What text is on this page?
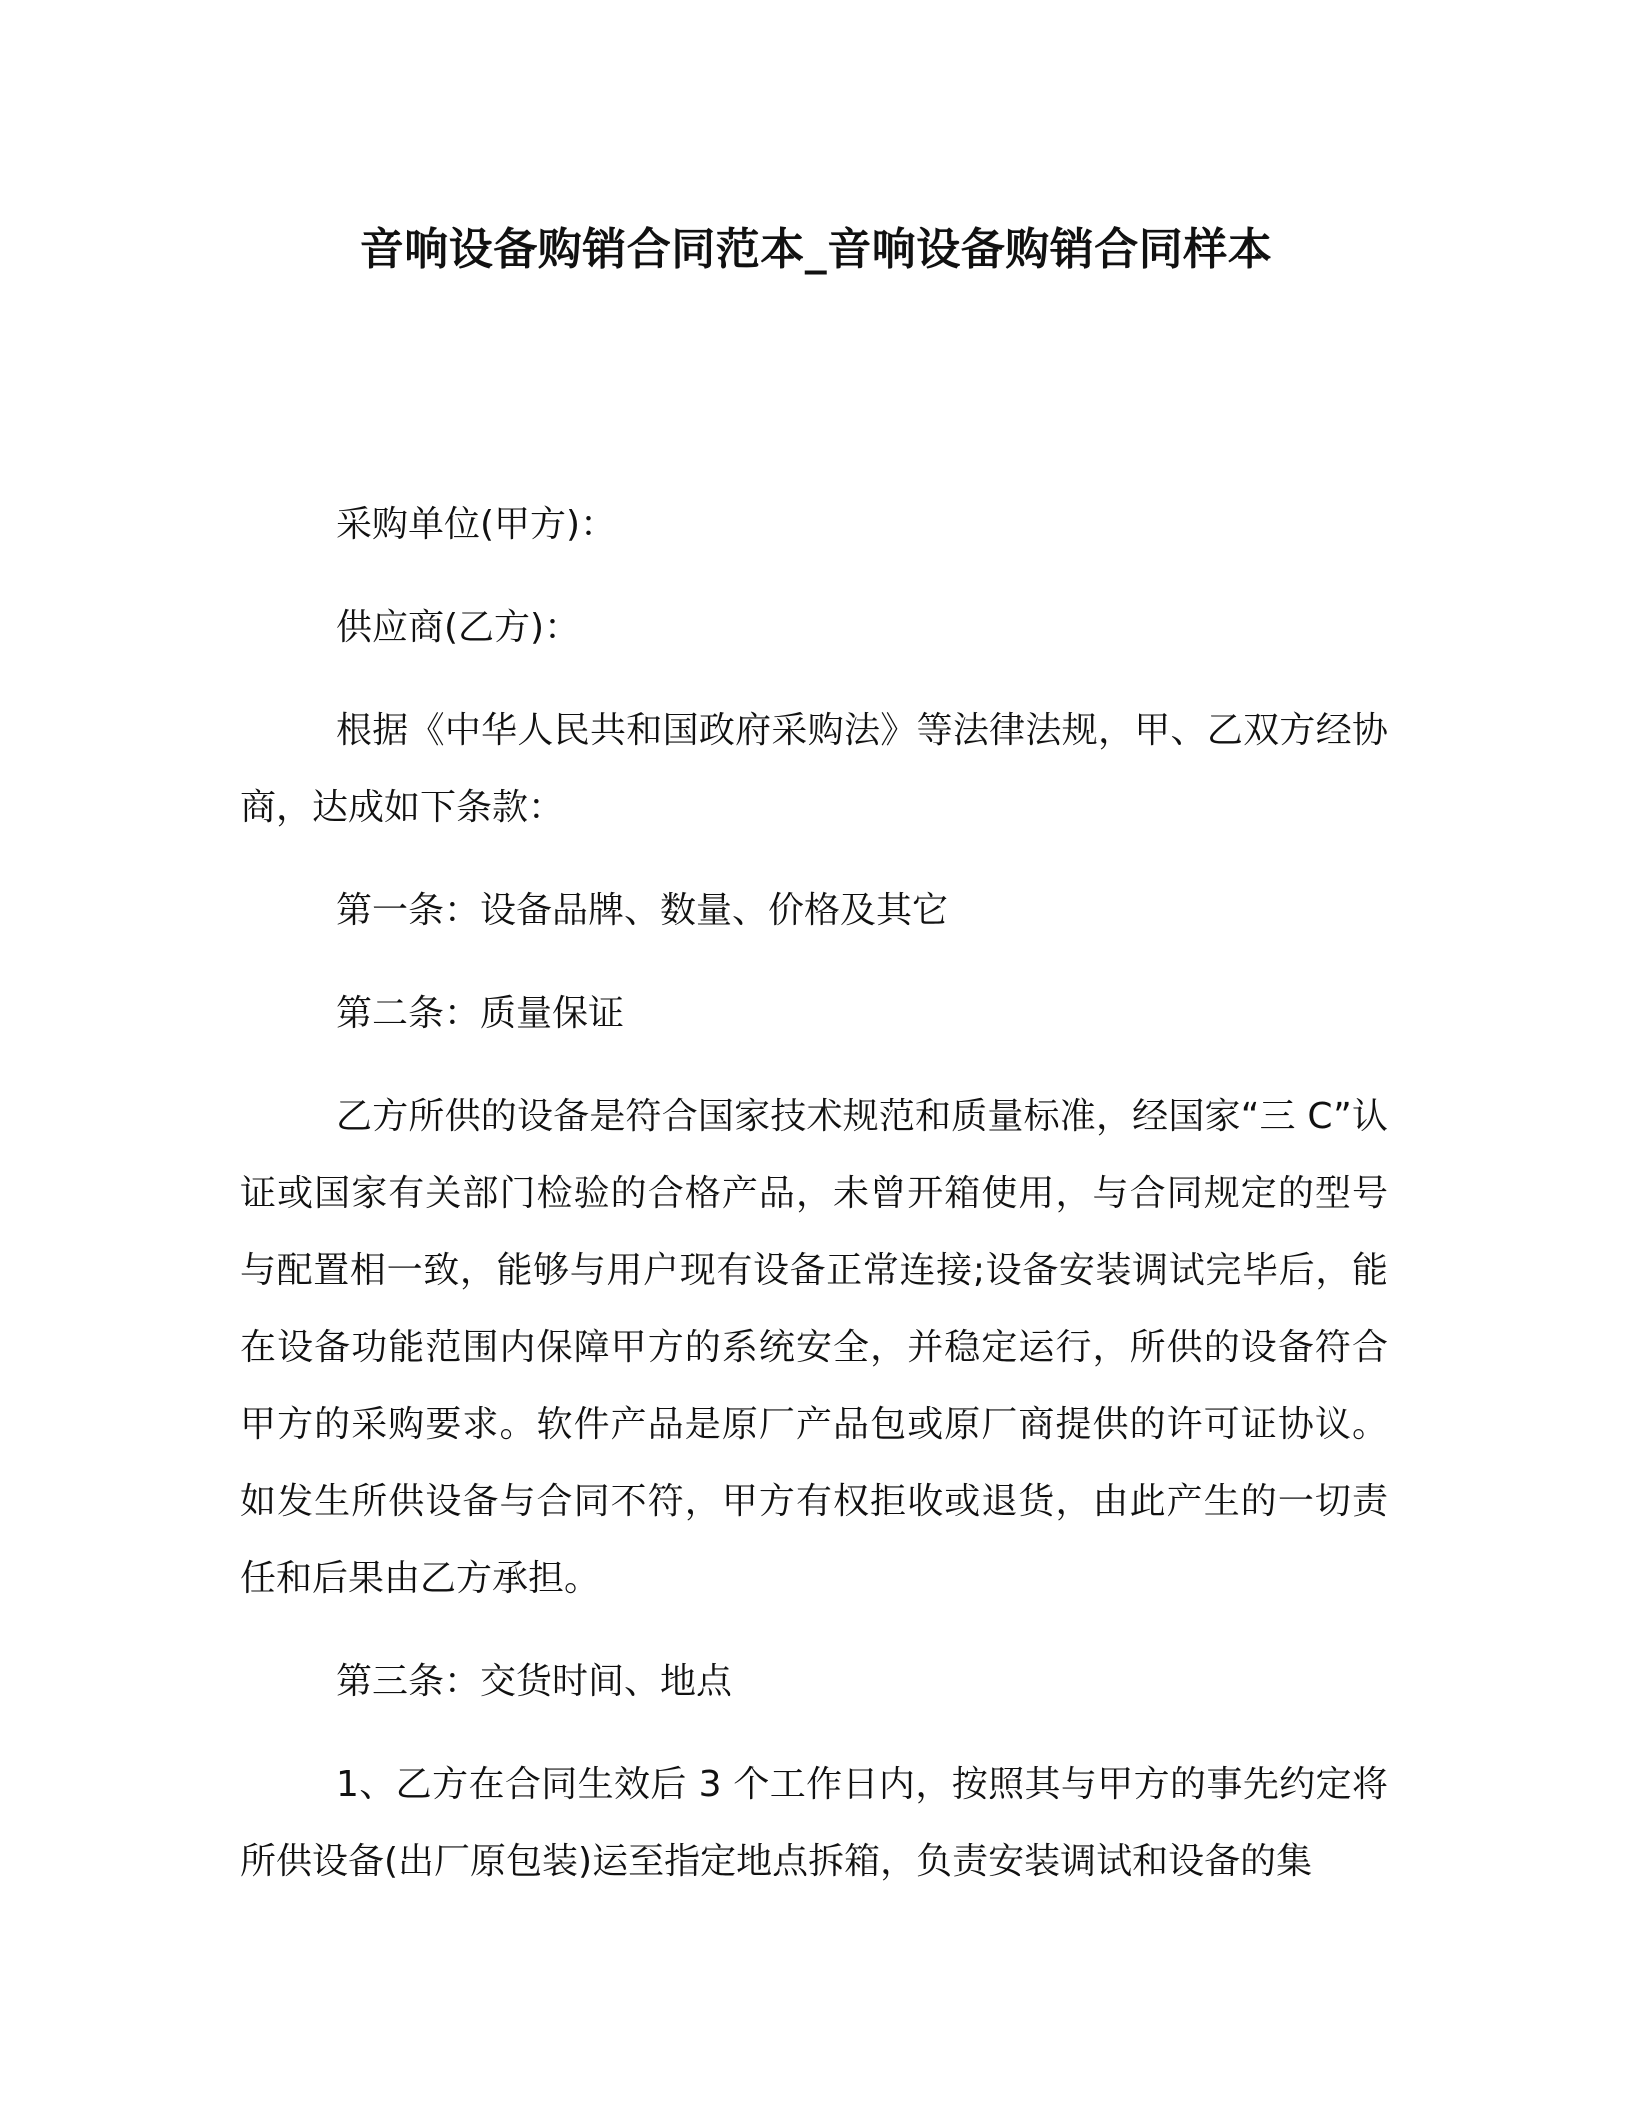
音响设备购销合同范本_音响设备购销合同样本

采购单位(甲方)：

供应商(乙方)：

根据《中华人民共和国政府采购法》等法律法规，甲、乙双方经协商，达成如下条款：

第一条：设备品牌、数量、价格及其它

第二条：质量保证

乙方所供的设备是符合国家技术规范和质量标准，经国家“三 C”认证或国家有关部门检验的合格产品，未曾开箱使用，与合同规定的型号与配置相一致，能够与用户现有设备正常连接;设备安装调试完毕后，能在设备功能范围内保障甲方的系统安全，并稳定运行，所供的设备符合甲方的采购要求。软件产品是原厂产品包或原厂商提供的许可证协议。如发生所供设备与合同不符，甲方有权拒收或退货，由此产生的一切责任和后果由乙方承担。

第三条：交货时间、地点

1、乙方在合同生效后 3 个工作日内，按照其与甲方的事先约定将所供设备(出厂原包装)运至指定地点拆箱，负责安装调试和设备的集
